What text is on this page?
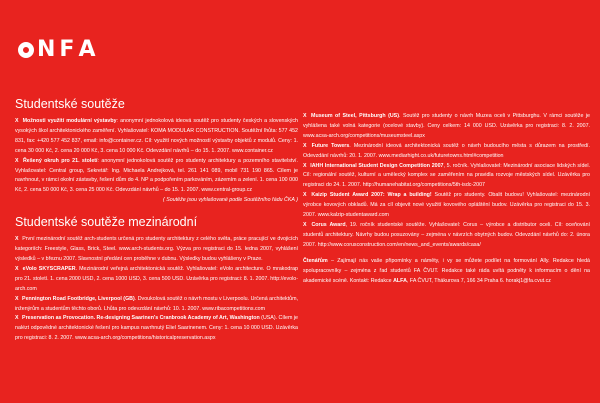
N F A
Studentské soutěže

X Možnosti využití modulární výstavby: anonymní jednokolová ideová soutěž pro studenty českých a slovenských vysokých škol architektonického zaměření. Vyhlašovatel: KOMA MODULAR CONSTRUCTION. Soutěžní lhůta: 577 452 831, fax: +420 577 452 837, email: info@container.cz. Cíl: využití nových možností výstavby objektů z modulů. Ceny: 1. cena 30 000 Kč, 2. cena 20 000 Kč, 3. cena 10 000 Kč. Odevzdání návrhů – do 15. 1. 2007. www.container.cz

X Řešený okruh pro 21. století: anonymní jednokolová soutěž pro studenty architektury a pozemního stavitelství. Vyhlašovatel: Central group, Sekretář: Ing. Michaela Andrejková, tel. 261 141 089, mobil 731 190 865. Cílem je navrhnout, v rámci okolní zástavby, řešení dům do 4. NP a podpořením parkováním, zázemím a zelení. 1. cena 100 000 Kč, 2. cena 50 000 Kč, 3. cena 25 000 Kč. Odevzdání návrhů – do 15. 1. 2007. www.central-group.cz

( Soutěže jsou vyhlašované podle Soutěžního řádu ČKA )

Studentské soutěže mezinárodní

X První mezinárodní soutěž arch-students určená pro studenty architektury z celého světa, práce pracující ve dvojicích kategoriích: Freestyle, Glass, Brick, Steel. www.arch-students.org. Výzva pro registraci do 15. ledna 2007, vyhlášení výsledků – v březnu 2007. Slavnostní předání cen proběhne v dubnu. Výsledky budou vyhlášeny v Praze.

X eVolo SKYSCRAPER. Mezinárodní veřejná architektonická soutěž. Vyhlašovatel: eVolo architecture. O mrakodrap pro 21. století. 1. cena 2000 USD, 2. cena 1000 USD, 3. cena 500 USD. Uzávěrka pro registraci: 8. 1. 2007. http://evolo-arch.com

X Pennington Road Footbridge, Liverpool (GB). Dvoukolová soutěž o návrh mostu v Liverpoolu. Určená architektům, inženýrům a studentům těchto oborů. Lhůta pro odevzdání návrhů: 10. 1. 2007. www.ribacompetitions.com

X Preservation as Provocation. Re-designing Saarinen's Cranbrook Academy of Art, Washington (USA). Cílem je nalézt odpovědné architektonické řešení pro kampus navrhnutý Eliel Saarinenem. Ceny: 1. cena 10 000 USD. Uzávěrka pro registraci: 8. 2. 2007. www.acsa-arch.org/competitions/historicalpreservation.aspx

X Museum of Steel, Pittsburgh (US). Soutěž pro studenty o návrh Muzea oceli v Pittsburghu. V rámci soutěže je vyhlášena také volná kategorie (ocelové stavby). Ceny celkem: 14 000 USD. Uzávěrka pro registraci: 8. 2. 2007. www.acsa-arch.org/competitions/museumsteel.aspx

X Future Towers. Mezinárodní ideová architektonická soutěž o návrh budoucího města s důrazem na prostředí. Odevzdání návrhů: 20. 1. 2007. www.mediarhight.co.uk/futuretowns.html#competition

X IAHH International Student Design Competition 2007, 5. ročník. Vyhlašovatel: Mezinárodní asociace lidských sídel. Cíl: regionální soutěž, kulturní a umělecký komplex se zaměřením na pravidla rozvoje městských sídel. Uzávěrka pro registraci do 24. 1. 2007. http://humanehabitat.org/competitions/5th-isdc-2007

X Kaizip Student Award 2007: Wrap a building! Soutěž pro studenty. Obalit budovu! Vyhlašovatel: mezinárodní výrobce kovových obkladů. Má za cíl objevit nové využití kovového opláštění budov. Uzávěrka pro registraci do 15. 3. 2007. www.kalzip-studentaward.com

X Corus Award, 19. ročník studentské soutěže. Vyhlašovatel: Corus – výrobce a distributor oceli. Cíl: oceňování studentů architektury. Návrhy budou posuzovány – zejména v návrzích obytných budov. Odevzdání návrhů do: 2. února 2007. http://www.corusconstruction.com/en/news_and_events/awards/casa/

Čtenářům – Zajímají nás vaše připomínky a náměty, i vy se můžete podílet na formování Ally. Redakce hledá spolupracovníky – zejména z řad studentů FA ČVUT. Redakce také ráda uvítá podněty k informacím o dění na akademické scéně. Kontakt: Redakce ALFA, FA ČVUT, Thákurova 7, 166 34 Praha 6. horakj1@fa.cvut.cz
